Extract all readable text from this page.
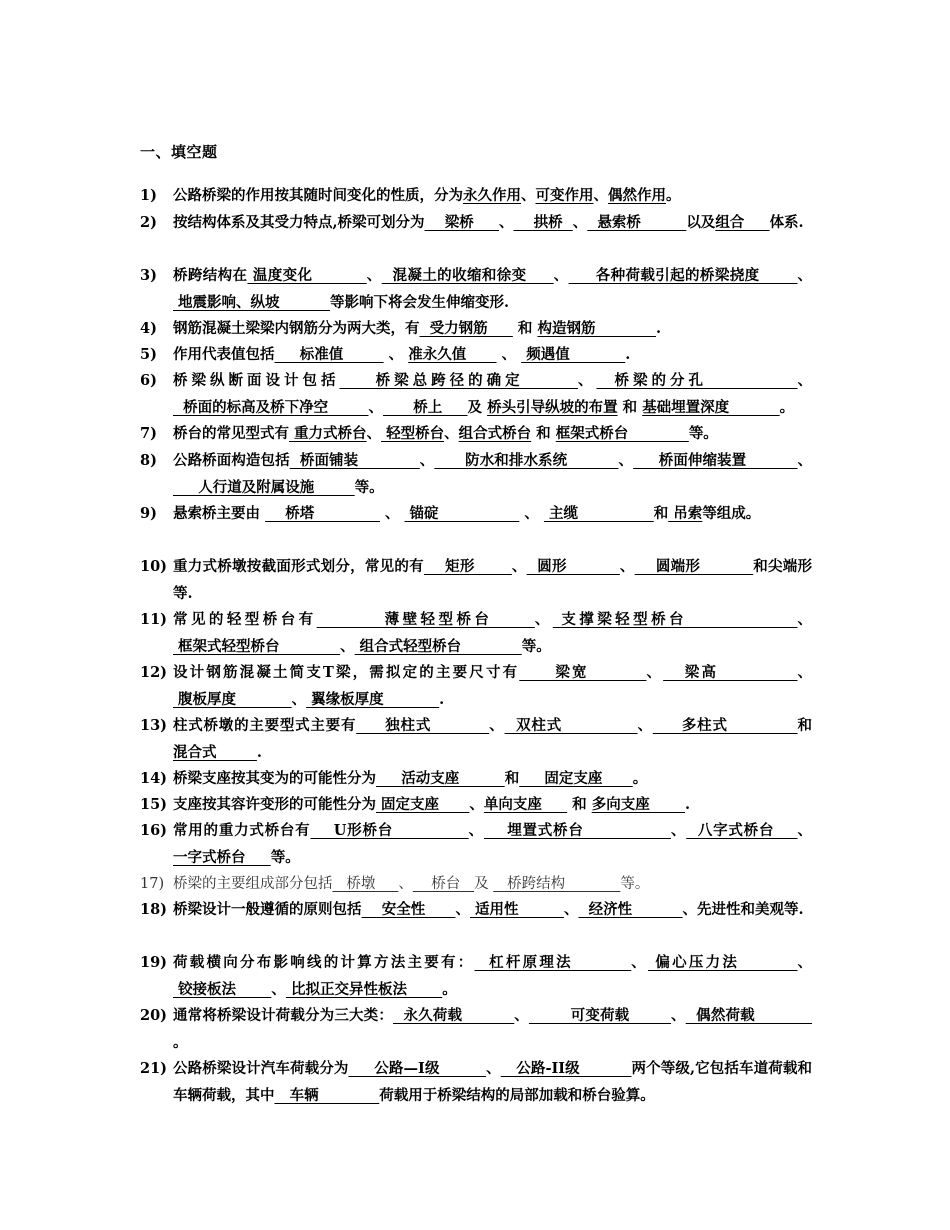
一、填空题
1)	公路桥梁的作用按其随时间变化的性质，分为永久作用、可变作用、偶然作用。
2)	按结构体系及其受力特点,桥梁可划分为    梁桥     、    拱桥  、  悬索桥         以及组合     体系.
3)	桥跨结构在 温度变化          、  混凝土的收缩和徐变     、     各种荷载引起的桥梁挠度       、 地震影响、纵坡          等影响下将会发生伸缩变形.
4)	钢筋混凝土梁梁内钢筋分为两大类，有  受力钢筋      和 构造钢筋            .
5)	作用代表值包括     标准值         、 准永久值       、  频遇值           .
6)	桥梁纵断面设计包括    桥梁总跨径的确定      、  桥梁的分孔          、  桥面的标高及桥下净空        、      桥上     及 桥头引导纵坡的布置 和 基础埋置深度          。
7)	桥台的常见型式有 重力式桥台、 轻型桥台、组合式桥台 和 框架式桥台            等。
8)	公路桥面构造包括  桥面铺装            、      防水和排水系统          、     桥面伸缩装置          、     人行道及附属设施        等。
9)	悬索桥主要由     桥塔              、  锚碇                 、  主缆               和 吊索等组成。
10) 重力式桥墩按截面形式划分，常见的有    矩形       、  圆形          、    圆端形          和尖端形等.
11) 常见的轻型桥台有        薄壁轻型桥台     、 支撑梁轻型桥台             、 框架式轻型桥台            、 组合式轻型桥台            等。
12) 设计钢筋混凝土简支T梁，需拟定的主要尺寸有     梁宽        、   梁高           、 腹板厚度           、 翼缘板厚度           .
13) 柱式桥墩的主要型式主要有     独柱式          、  双柱式             、     多柱式            和混合式        .
14) 桥梁支座按其变为的可能性分为     活动支座         和     固定支座      。
15) 支座按其容许变形的可能性分为 固定支座      、单向支座      和 多向支座       .
16) 常用的重力式桥台有    U形桥台             、    埋置式桥台               、  八字式桥台    、一字式桥台     等。
17) 桥梁的主要组成部分包括   桥墩     、    桥台   及    桥跨结构            等。
18) 桥梁设计一般遵循的原则包括    安全性      、 适用性         、  经济性          、先进性和美观等.
19) 荷载横向分布影响线的计算方法主要有：  杠杆原理法        、 偏心压力法        、 铰接板法       、 比拟正交异性板法       。
20) 通常将桥梁设计荷载分为三大类：  永久荷载          、        可变荷载        、  偶然荷载            。
21) 公路桥梁设计汽车荷载分为     公路—I级         、   公路-II级          两个等级,它包括车道荷载和车辆荷载，其中   车辆            荷载用于桥梁结构的局部加载和桥台验算。
